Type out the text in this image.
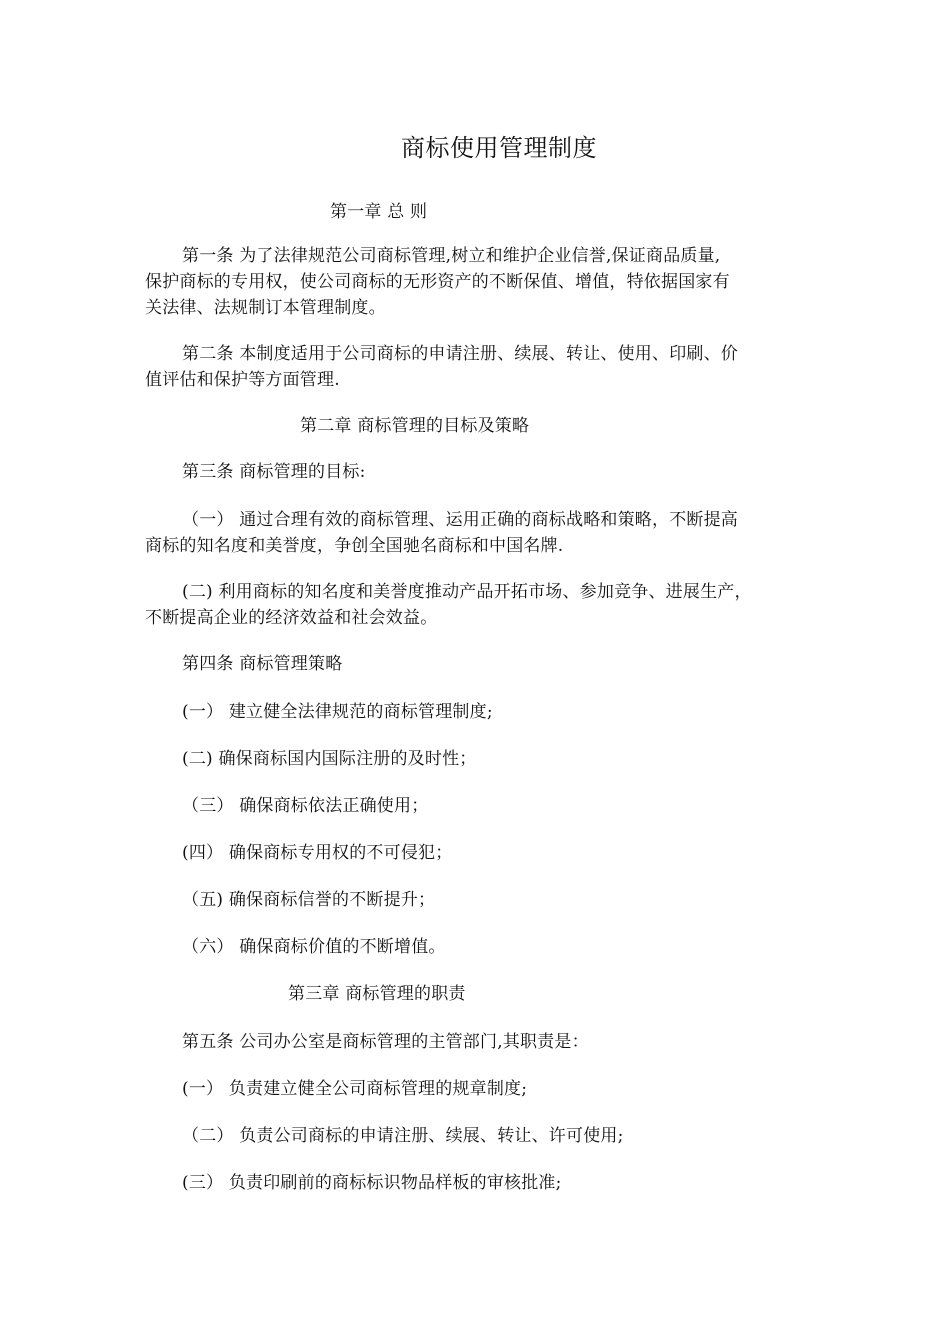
商标使用管理制度
第一章 总 则
第一条 为了法律规范公司商标管理,树立和维护企业信誉,保证商品质量,
保护商标的专用权，使公司商标的无形资产的不断保值、增值，特依据国家有
关法律、法规制订本管理制度。
第二条 本制度适用于公司商标的申请注册、续展、转让、使用、印刷、价
值评估和保护等方面管理.
第二章 商标管理的目标及策略
第三条 商标管理的目标:
（一） 通过合理有效的商标管理、运用正确的商标战略和策略，不断提高
商标的知名度和美誉度，争创全国驰名商标和中国名牌.
(二) 利用商标的知名度和美誉度推动产品开拓市场、参加竞争、进展生产，
不断提高企业的经济效益和社会效益。
第四条 商标管理策略
(一） 建立健全法律规范的商标管理制度;
(二) 确保商标国内国际注册的及时性；
（三） 确保商标依法正确使用；
(四） 确保商标专用权的不可侵犯；
（五) 确保商标信誉的不断提升；
（六） 确保商标价值的不断增值。
第三章 商标管理的职责
第五条 公司办公室是商标管理的主管部门,其职责是：
(一） 负责建立健全公司商标管理的规章制度;
（二） 负责公司商标的申请注册、续展、转让、许可使用;
(三） 负责印刷前的商标标识物品样板的审核批准;
